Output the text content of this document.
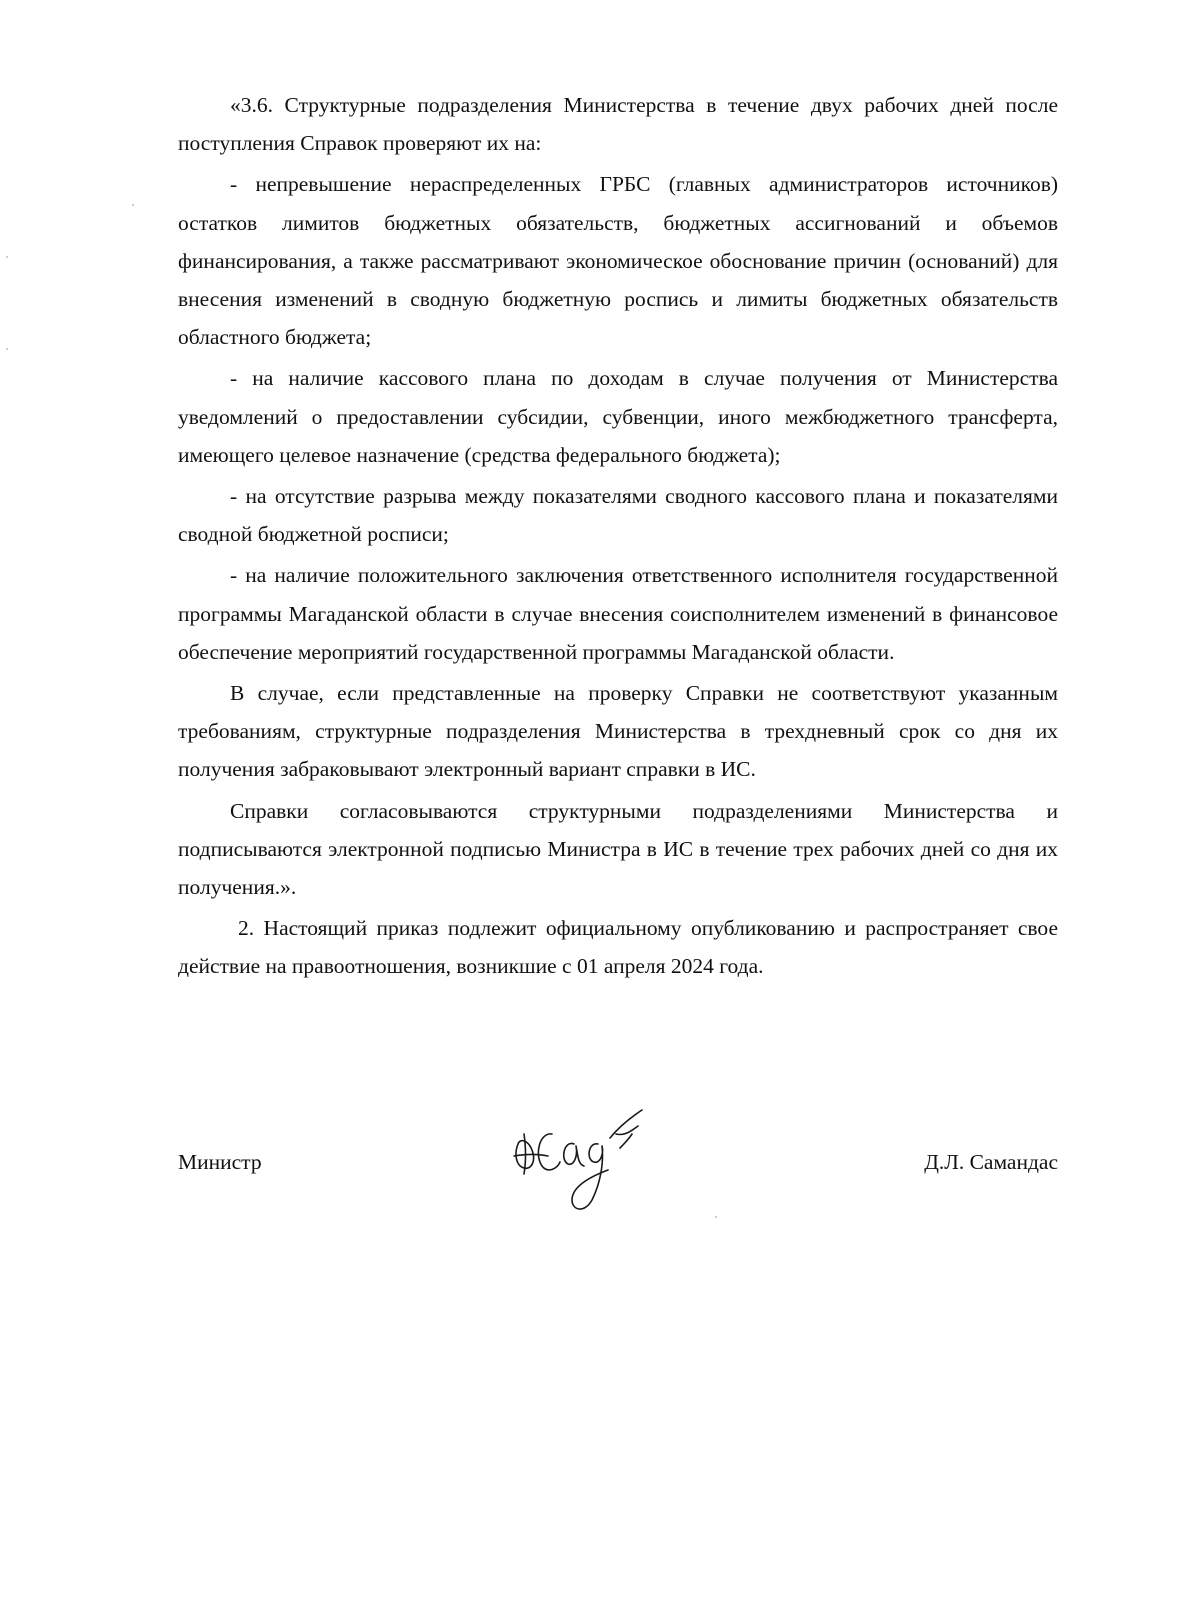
«3.6. Структурные подразделения Министерства в течение двух рабочих дней после поступления Справок проверяют их на:

- непревышение нераспределенных ГРБС (главных администраторов источников) остатков лимитов бюджетных обязательств, бюджетных ассигнований и объемов финансирования, а также рассматривают экономическое обоснование причин (оснований) для внесения изменений в сводную бюджетную роспись и лимиты бюджетных обязательств областного бюджета;

- на наличие кассового плана по доходам в случае получения от Министерства уведомлений о предоставлении субсидии, субвенции, иного межбюджетного трансферта, имеющего целевое назначение (средства федерального бюджета);

- на отсутствие разрыва между показателями сводного кассового плана и показателями сводной бюджетной росписи;

- на наличие положительного заключения ответственного исполнителя государственной программы Магаданской области в случае внесения соисполнителем изменений в финансовое обеспечение мероприятий государственной программы Магаданской области.

В случае, если представленные на проверку Справки не соответствуют указанным требованиям, структурные подразделения Министерства в трехдневный срок со дня их получения забраковывают электронный вариант справки в ИС.

Справки согласовываются структурными подразделениями Министерства и подписываются электронной подписью Министра в ИС в течение трех рабочих дней со дня их получения.».

2. Настоящий приказ подлежит официальному опубликованию и распространяет свое действие на правоотношения, возникшие с 01 апреля 2024 года.

Министр	Д.Л. Самандас
